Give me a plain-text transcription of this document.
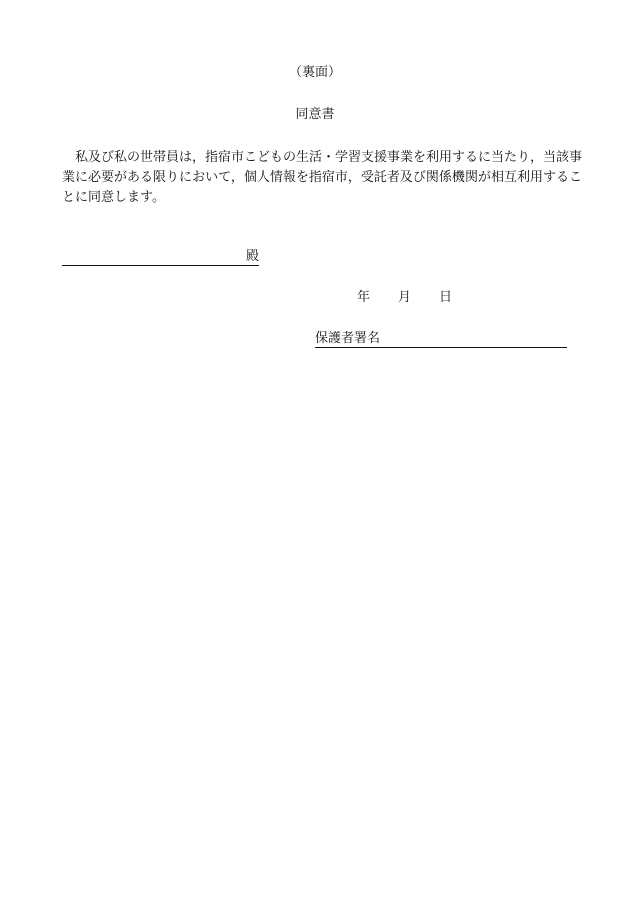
（裏面）
同意書

私及び私の世帯員は，指宿市こどもの生活・学習支援事業を利用するに当たり，当該事業に必要がある限りにおいて，個人情報を指宿市，受託者及び関係機関が相互利用することに同意します。

殿
年 月 日
保護者署名
